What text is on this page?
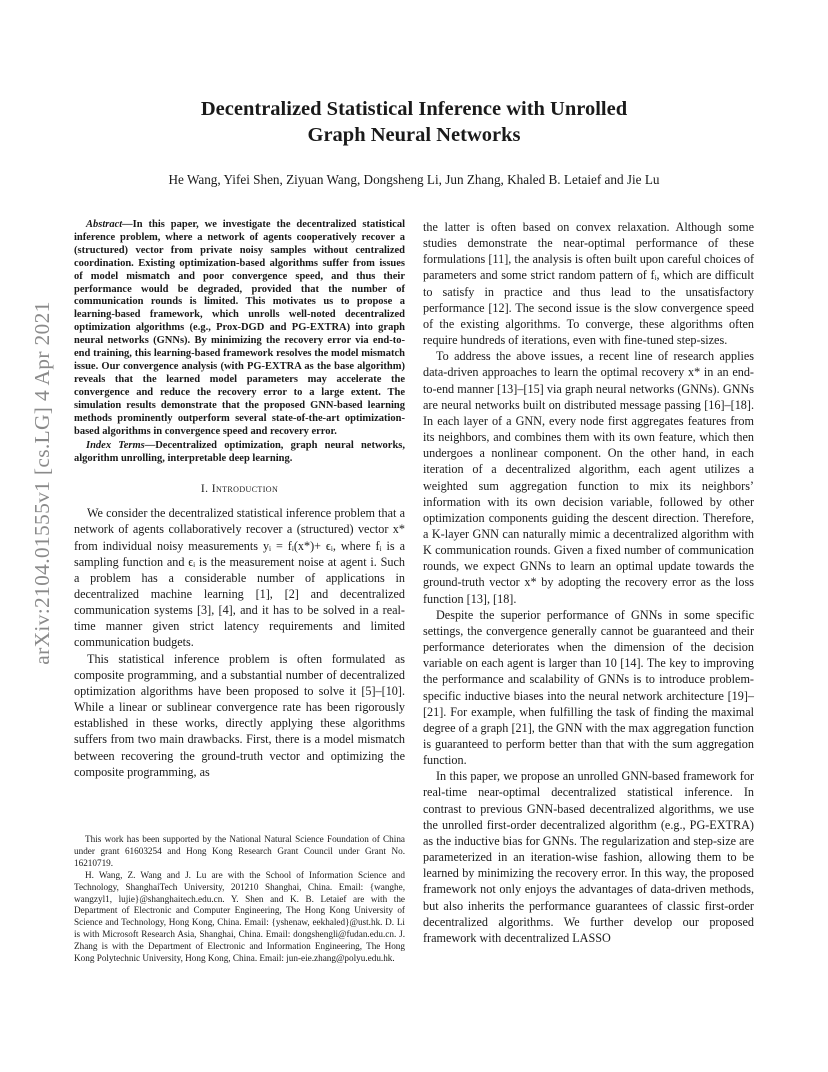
arXiv:2104.01555v1 [cs.LG] 4 Apr 2021
Decentralized Statistical Inference with Unrolled
Graph Neural Networks
He Wang, Yifei Shen, Ziyuan Wang, Dongsheng Li, Jun Zhang, Khaled B. Letaief and Jie Lu

Abstract—In this paper, we investigate the decentralized statistical inference problem, where a network of agents cooperatively recover a (structured) vector from private noisy samples without centralized coordination. Existing optimization-based algorithms suffer from issues of model mismatch and poor convergence speed, and thus their performance would be degraded, provided that the number of communication rounds is limited. This motivates us to propose a learning-based framework, which unrolls well-noted decentralized optimization algorithms (e.g., Prox-DGD and PG-EXTRA) into graph neural networks (GNNs). By minimizing the recovery error via end-to-end training, this learning-based framework resolves the model mismatch issue. Our convergence analysis (with PG-EXTRA as the base algorithm) reveals that the learned model parameters may accelerate the convergence and reduce the recovery error to a large extent. The simulation results demonstrate that the proposed GNN-based learning methods prominently outperform several state-of-the-art optimization-based algorithms in convergence speed and recovery error.

Index Terms—Decentralized optimization, graph neural networks, algorithm unrolling, interpretable deep learning.

I. Introduction

We consider the decentralized statistical inference problem that a network of agents collaboratively recover a (structured) vector x* from individual noisy measurements yᵢ = fᵢ(x*)+ ϵᵢ, where fᵢ is a sampling function and ϵᵢ is the measurement noise at agent i. Such a problem has a considerable number of applications in decentralized machine learning [1], [2] and decentralized communication systems [3], [4], and it has to be solved in a real-time manner given strict latency requirements and limited communication budgets.

This statistical inference problem is often formulated as composite programming, and a substantial number of decentralized optimization algorithms have been proposed to solve it [5]–[10]. While a linear or sublinear convergence rate has been rigorously established in these works, directly applying these algorithms suffers from two main drawbacks. First, there is a model mismatch between recovering the ground-truth vector and optimizing the composite programming, as

This work has been supported by the National Natural Science Foundation of China under grant 61603254 and Hong Kong Research Grant Council under Grant No. 16210719.

H. Wang, Z. Wang and J. Lu are with the School of Information Science and Technology, ShanghaiTech University, 201210 Shanghai, China. Email: {wanghe, wangzyl1, lujie}@shanghaitech.edu.cn. Y. Shen and K. B. Letaief are with the Department of Electronic and Computer Engineering, The Hong Kong University of Science and Technology, Hong Kong, China. Email: {yshenaw, eekhaled}@ust.hk. D. Li is with Microsoft Research Asia, Shanghai, China. Email: dongshengli@fudan.edu.cn. J. Zhang is with the Department of Electronic and Information Engineering, The Hong Kong Polytechnic University, Hong Kong, China. Email: jun-eie.zhang@polyu.edu.hk.

the latter is often based on convex relaxation. Although some studies demonstrate the near-optimal performance of these formulations [11], the analysis is often built upon careful choices of parameters and some strict random pattern of fᵢ, which are difficult to satisfy in practice and thus lead to the unsatisfactory performance [12]. The second issue is the slow convergence speed of the existing algorithms. To converge, these algorithms often require hundreds of iterations, even with fine-tuned step-sizes.

To address the above issues, a recent line of research applies data-driven approaches to learn the optimal recovery x* in an end-to-end manner [13]–[15] via graph neural networks (GNNs). GNNs are neural networks built on distributed message passing [16]–[18]. In each layer of a GNN, every node first aggregates features from its neighbors, and combines them with its own feature, which then undergoes a nonlinear component. On the other hand, in each iteration of a decentralized algorithm, each agent utilizes a weighted sum aggregation function to mix its neighbors’ information with its own decision variable, followed by other optimization components guiding the descent direction. Therefore, a K-layer GNN can naturally mimic a decentralized algorithm with K communication rounds. Given a fixed number of communication rounds, we expect GNNs to learn an optimal update towards the ground-truth vector x* by adopting the recovery error as the loss function [13], [18].

Despite the superior performance of GNNs in some specific settings, the convergence generally cannot be guaranteed and their performance deteriorates when the dimension of the decision variable on each agent is larger than 10 [14]. The key to improving the performance and scalability of GNNs is to introduce problem-specific inductive biases into the neural network architecture [19]–[21]. For example, when fulfilling the task of finding the maximal degree of a graph [21], the GNN with the max aggregation function is guaranteed to perform better than that with the sum aggregation function.

In this paper, we propose an unrolled GNN-based framework for real-time near-optimal decentralized statistical inference. In contrast to previous GNN-based decentralized algorithms, we use the unrolled first-order decentralized algorithm (e.g., PG-EXTRA) as the inductive bias for GNNs. The regularization and step-size are parameterized in an iteration-wise fashion, allowing them to be learned by minimizing the recovery error. In this way, the proposed framework not only enjoys the advantages of data-driven methods, but also inherits the performance guarantees of classic first-order decentralized algorithms. We further develop our proposed framework with decentralized LASSO
